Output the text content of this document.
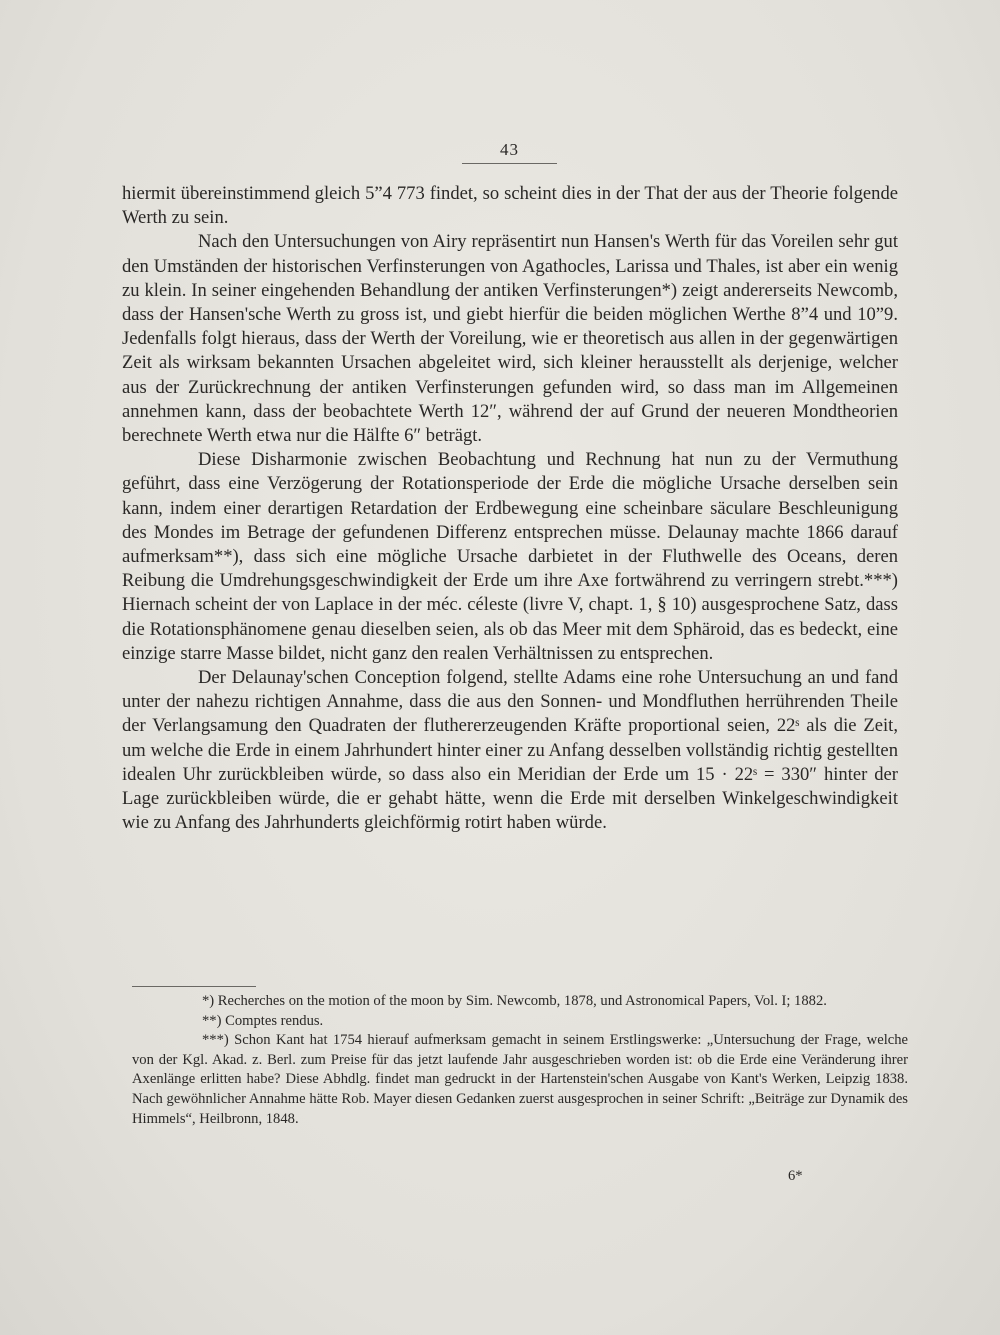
43

hiermit übereinstimmend gleich 5ˮ4 773 findet, so scheint dies in der That der aus der Theorie folgende Werth zu sein.

Nach den Untersuchungen von Airy repräsentirt nun Hansen's Werth für das Voreilen sehr gut den Umständen der historischen Verfinsterungen von Agathocles, Larissa und Thales, ist aber ein wenig zu klein. In seiner eingehenden Behandlung der antiken Verfinsterungen*) zeigt andererseits Newcomb, dass der Hansen'sche Werth zu gross ist, und giebt hierfür die beiden möglichen Werthe 8ˮ4 und 10ˮ9. Jedenfalls folgt hieraus, dass der Werth der Voreilung, wie er theoretisch aus allen in der gegenwärtigen Zeit als wirksam bekannten Ursachen abgeleitet wird, sich kleiner herausstellt als derjenige, welcher aus der Zurückrechnung der antiken Verfinsterungen gefunden wird, so dass man im Allgemeinen annehmen kann, dass der beobachtete Werth 12″, während der auf Grund der neueren Mondtheorien berechnete Werth etwa nur die Hälfte 6″ beträgt.

Diese Disharmonie zwischen Beobachtung und Rechnung hat nun zu der Vermuthung geführt, dass eine Verzögerung der Rotationsperiode der Erde die mögliche Ursache derselben sein kann, indem einer derartigen Retardation der Erdbewegung eine scheinbare säculare Beschleunigung des Mondes im Betrage der gefundenen Differenz entsprechen müsse. Delaunay machte 1866 darauf aufmerksam**), dass sich eine mögliche Ursache darbietet in der Fluthwelle des Oceans, deren Reibung die Umdrehungsgeschwindigkeit der Erde um ihre Axe fortwährend zu verringern strebt.***) Hiernach scheint der von Laplace in der méc. céleste (livre V, chapt. 1, § 10) ausgesprochene Satz, dass die Rotationsphänomene genau dieselben seien, als ob das Meer mit dem Sphäroid, das es bedeckt, eine einzige starre Masse bildet, nicht ganz den realen Verhältnissen zu entsprechen.

Der Delaunay'schen Conception folgend, stellte Adams eine rohe Untersuchung an und fand unter der nahezu richtigen Annahme, dass die aus den Sonnen- und Mondfluthen herrührenden Theile der Verlangsamung den Quadraten der fluthererzeugenden Kräfte proportional seien, 22ˢ als die Zeit, um welche die Erde in einem Jahrhundert hinter einer zu Anfang desselben vollständig richtig gestellten idealen Uhr zurückbleiben würde, so dass also ein Meridian der Erde um 15 · 22ˢ = 330″ hinter der Lage zurückbleiben würde, die er gehabt hätte, wenn die Erde mit derselben Winkelgeschwindigkeit wie zu Anfang des Jahrhunderts gleichförmig rotirt haben würde.

*) Recherches on the motion of the moon by Sim. Newcomb, 1878, und Astronomical Papers, Vol. I; 1882.

**) Comptes rendus.

***) Schon Kant hat 1754 hierauf aufmerksam gemacht in seinem Erstlingswerke: „Untersuchung der Frage, welche von der Kgl. Akad. z. Berl. zum Preise für das jetzt laufende Jahr ausgeschrieben worden ist: ob die Erde eine Veränderung ihrer Axenlänge erlitten habe? Diese Abhdlg. findet man gedruckt in der Hartenstein'schen Ausgabe von Kant's Werken, Leipzig 1838. Nach gewöhnlicher Annahme hätte Rob. Mayer diesen Gedanken zuerst ausgesprochen in seiner Schrift: „Beiträge zur Dynamik des Himmels“, Heilbronn, 1848.

6*
